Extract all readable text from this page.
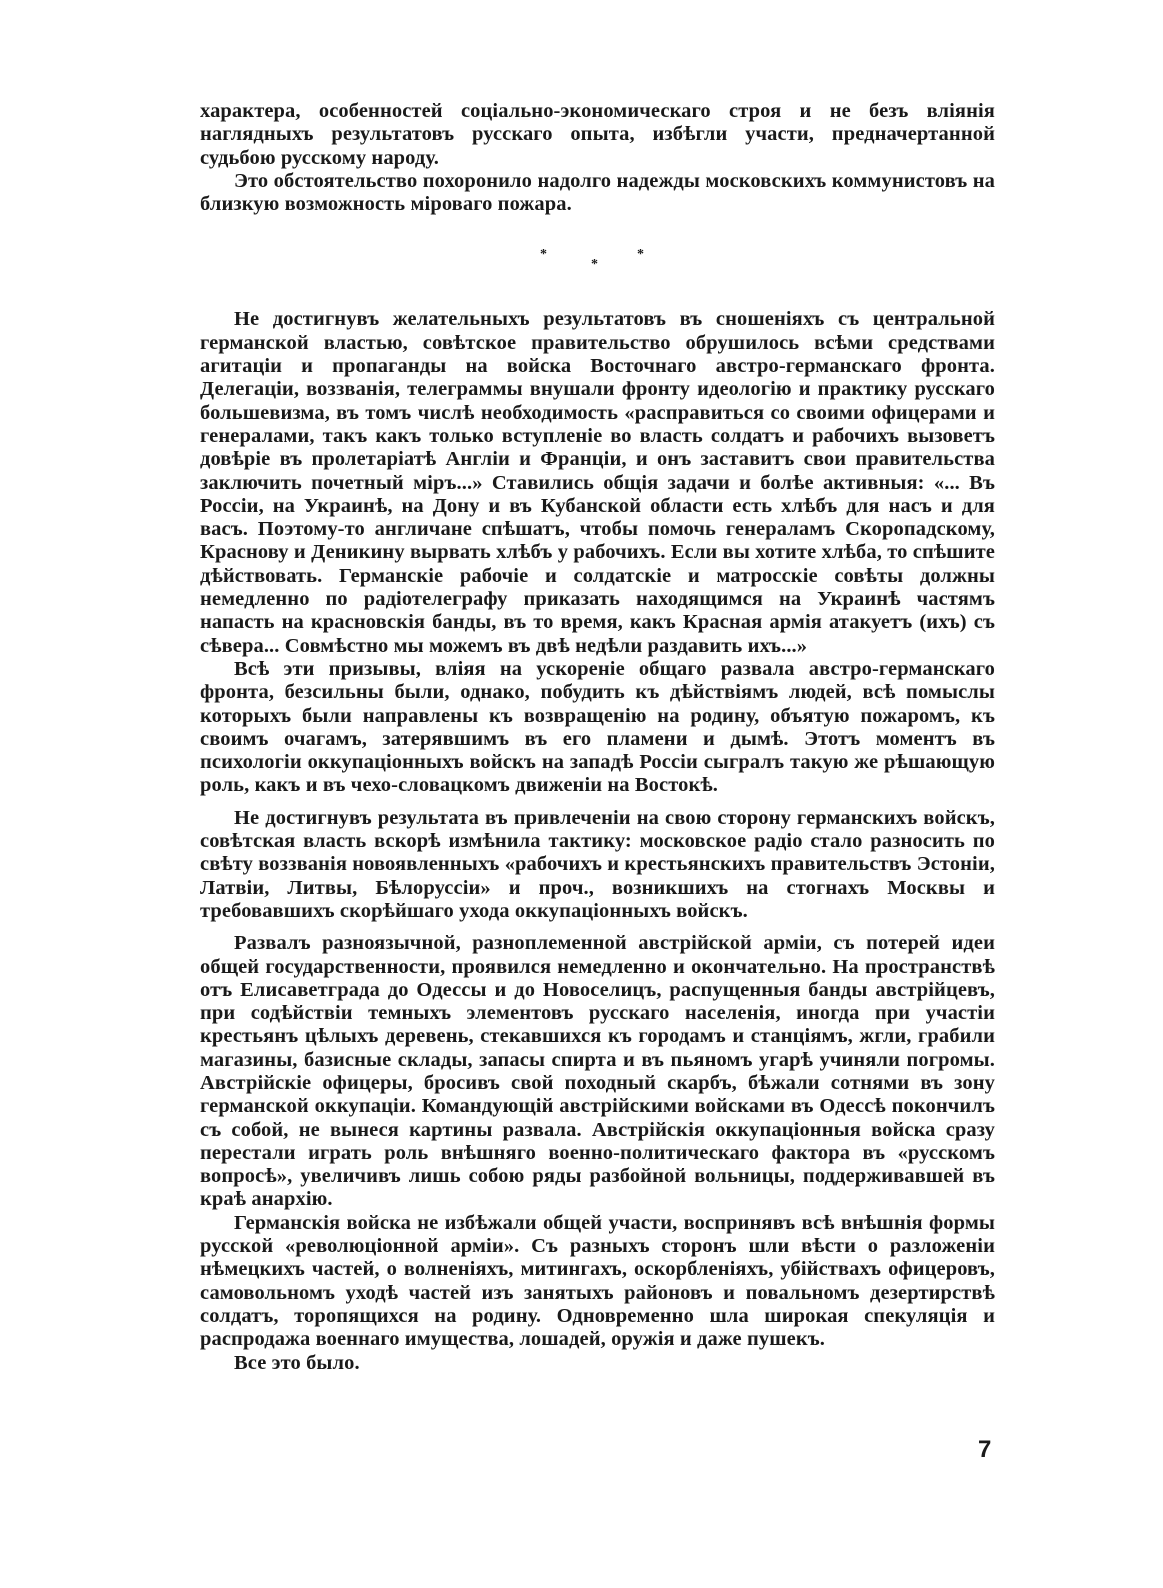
характера, особенностей соціально-экономическаго строя и не безъ вліянія наглядныхъ результатовъ русскаго опыта, избѣгли участи, предначертанной судьбою русскому народу.

Это обстоятельство похоронило надолго надежды московскихъ коммунистовъ на близкую возможность міроваго пожара.

*
*
*

Не достигнувъ желательныхъ результатовъ въ сношеніяхъ съ центральной германской властью, совѣтское правительство обрушилось всѣми средствами агитаціи и пропаганды на войска Восточнаго австро-германскаго фронта. Делегаціи, воззванія, телеграммы внушали фронту идеологію и практику русскаго большевизма, въ томъ числѣ необходимость «расправиться со своими офицерами и генералами, такъ какъ только вступленіе во власть солдатъ и рабочихъ вызоветъ довѣріе въ пролетаріатѣ Англіи и Франціи, и онъ заставитъ свои правительства заключить почетный міръ...» Ставились общія задачи и болѣе активныя: «... Въ Россіи, на Украинѣ, на Дону и въ Кубанской области есть хлѣбъ для насъ и для васъ. Поэтому-то англичане спѣшатъ, чтобы помочь генераламъ Скоропадскому, Краснову и Деникину вырвать хлѣбъ у рабочихъ. Если вы хотите хлѣба, то спѣшите дѣйствовать. Германскіе рабочіе и солдатскіе и матросскіе совѣты должны немедленно по радіотелеграфу приказать находящимся на Украинѣ частямъ напасть на красновскія банды, въ то время, какъ Красная армія атакуетъ (ихъ) съ сѣвера... Совмѣстно мы можемъ въ двѣ недѣли раздавить ихъ...»

Всѣ эти призывы, вліяя на ускореніе общаго развала австро-германскаго фронта, безсильны были, однако, побудить къ дѣйствіямъ людей, всѣ помыслы которыхъ были направлены къ возвращенію на родину, объятую пожаромъ, къ своимъ очагамъ, затерявшимъ въ его пламени и дымѣ. Этотъ моментъ въ психологіи оккупаціонныхъ войскъ на западѣ Россіи сыгралъ такую же рѣшающую роль, какъ и въ чехо-словацкомъ движеніи на Востокѣ.

Не достигнувъ результата въ привлеченіи на свою сторону германскихъ войскъ, совѣтская власть вскорѣ измѣнила тактику: московское радіо стало разносить по свѣту воззванія новоявленныхъ «рабочихъ и крестьянскихъ правительствъ Эстоніи, Латвіи, Литвы, Бѣлоруссіи» и проч., возникшихъ на стогнахъ Москвы и требовавшихъ скорѣйшаго ухода оккупаціонныхъ войскъ.

Развалъ разноязычной, разноплеменной австрійской арміи, съ потерей идеи общей государственности, проявился немедленно и окончательно. На пространствѣ отъ Елисаветграда до Одессы и до Новоселицъ, распущенныя банды австрійцевъ, при содѣйствіи темныхъ элементовъ русскаго населенія, иногда при участіи крестьянъ цѣлыхъ деревень, стекавшихся къ городамъ и станціямъ, жгли, грабили магазины, базисные склады, запасы спирта и въ пьяномъ угарѣ учиняли погромы. Австрійскіе офицеры, бросивъ свой походный скарбъ, бѣжали сотнями въ зону германской оккупаціи. Командующій австрійскими войсками въ Одессѣ покончилъ съ собой, не вынеся картины развала. Австрійскія оккупаціонныя войска сразу перестали играть роль внѣшняго военно-политическаго фактора въ «русскомъ вопросѣ», увеличивъ лишь собою ряды разбойной вольницы, поддерживавшей въ краѣ анархію.

Германскія войска не избѣжали общей участи, воспринявъ всѣ внѣшнія формы русской «революціонной арміи». Съ разныхъ сторонъ шли вѣсти о разложеніи нѣмецкихъ частей, о волненіяхъ, митингахъ, оскорбленіяхъ, убійствахъ офицеровъ, самовольномъ уходѣ частей изъ занятыхъ районовъ и повальномъ дезертирствѣ солдатъ, торопящихся на родину. Одновременно шла широкая спекуляція и распродажа военнаго имущества, лошадей, оружія и даже пушекъ.

Все это было.

7
